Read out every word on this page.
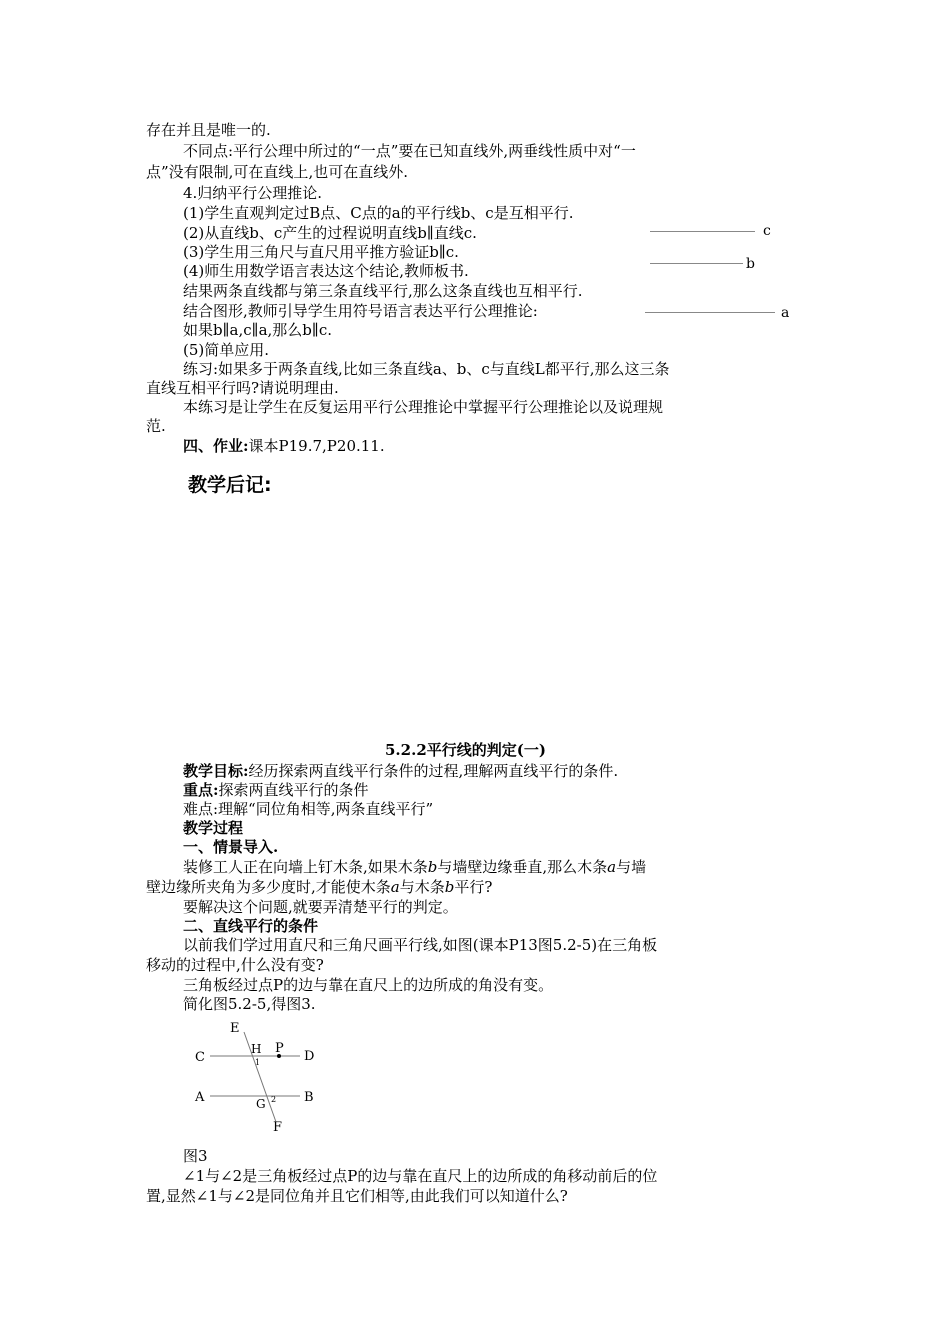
存在并且是唯一的.
不同点:平行公理中所过的“一点”要在已知直线外,两垂线性质中对“一
点”没有限制,可在直线上,也可在直线外.
4.归纳平行公理推论.
(1)学生直观判定过B点、C点的a的平行线b、c是互相平行.
(2)从直线b、c产生的过程说明直线b∥直线c.
(3)学生用三角尺与直尺用平推方验证b∥c.
(4)师生用数学语言表达这个结论,教师板书.
结果两条直线都与第三条直线平行,那么这条直线也互相平行.
结合图形,教师引导学生用符号语言表达平行公理推论:
如果b∥a,c∥a,那么b∥c.
(5)简单应用.
练习:如果多于两条直线,比如三条直线a、b、c与直线L都平行,那么这三条
直线互相平行吗?请说明理由.
本练习是让学生在反复运用平行公理推论中掌握平行公理推论以及说理规
范.
四、作业:课本P19.7,P20.11.
教学后记:
c
b
a
5.2.2平行线的判定(一)
教学目标:经历探索两直线平行条件的过程,理解两直线平行的条件.
重点:探索两直线平行的条件
难点:理解“同位角相等,两条直线平行”
教学过程
一、情景导入.
装修工人正在向墙上钉木条,如果木条b与墙壁边缘垂直,那么木条a与墙
壁边缘所夹角为多少度时,才能使木条a与木条b平行?
要解决这个问题,就要弄清楚平行的判定。
二、直线平行的条件
以前我们学过用直尺和三角尺画平行线,如图(课本P13图5.2-5)在三角板
移动的过程中,什么没有变?
三角板经过点P的边与靠在直尺上的边所成的角没有变。
简化图5.2-5,得图3.
E
H P
C	D
1
A	B
G 2
F
图3
∠1与∠2是三角板经过点P的边与靠在直尺上的边所成的角移动前后的位
置,显然∠1与∠2是同位角并且它们相等,由此我们可以知道什么?
